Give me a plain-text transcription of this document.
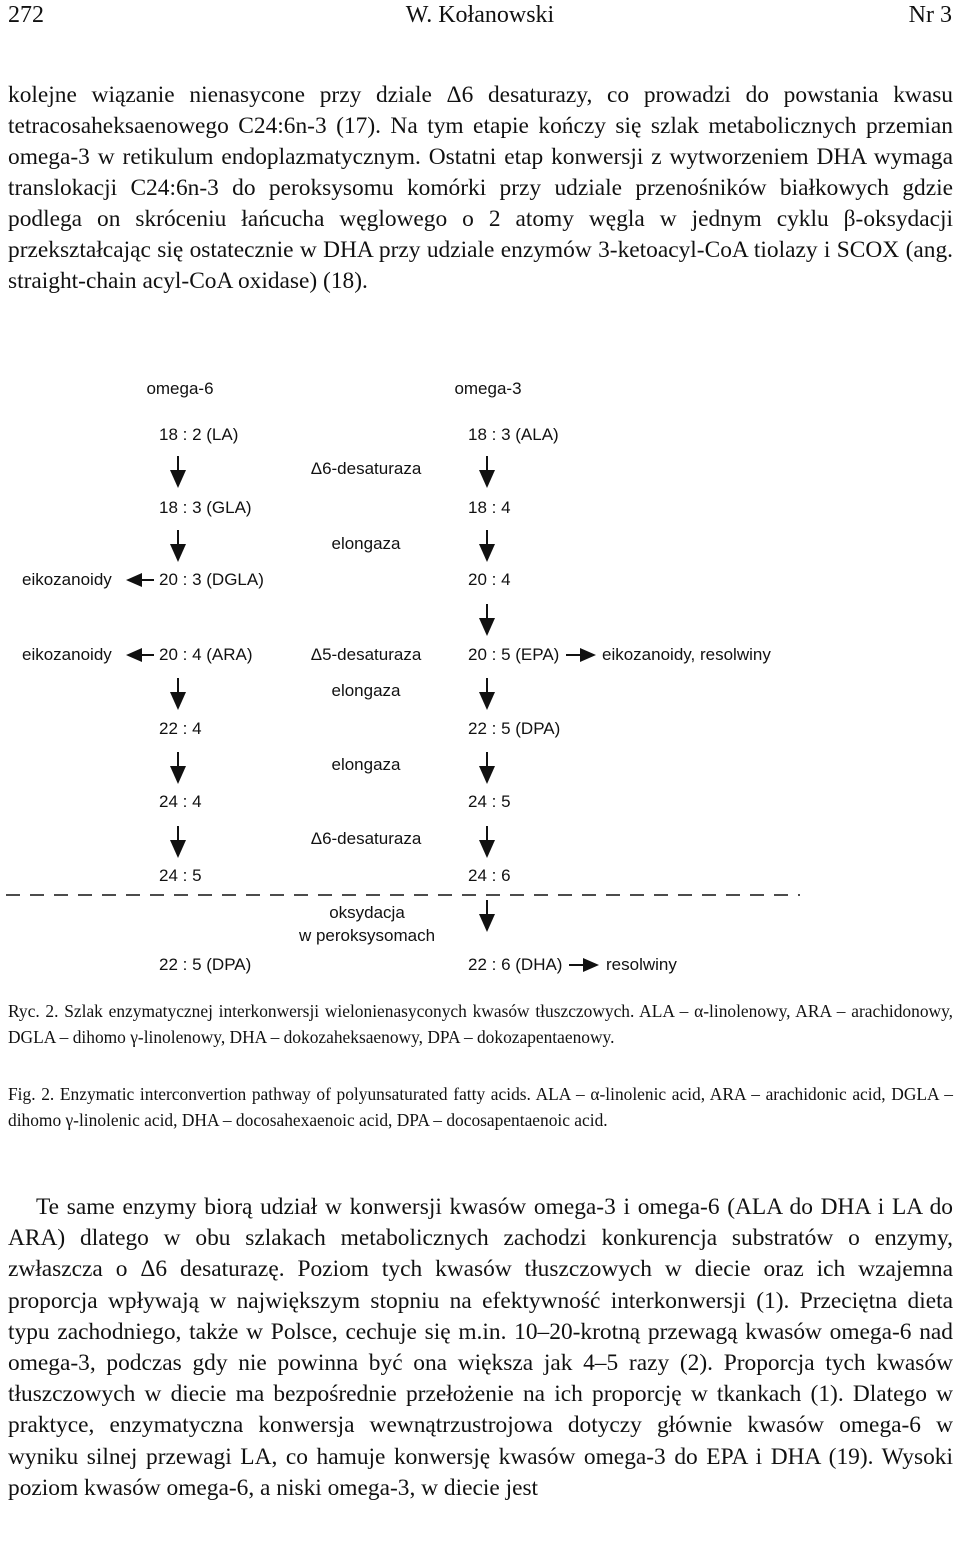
272	W. Kołanowski	Nr 3
kolejne wiązanie nienasycone przy dziale Δ6 desaturazy, co prowadzi do powstania kwasu tetracosaheksaenowego C24:6n-3 (17). Na tym etapie kończy się szlak metabolicznych przemian omega-3 w retikulum endoplazmatycznym. Ostatni etap konwersji z wytworzeniem DHA wymaga translokacji C24:6n-3 do peroksysomu komórki przy udziale przenośników białkowych gdzie podlega on skróceniu łańcucha węglowego o 2 atomy węgla w jednym cyklu β-oksydacji przekształcając się ostatecznie w DHA przy udziale enzymów 3-ketoacyl-CoA tiolazy i SCOX (ang. straight-chain acyl-CoA oxidase) (18).
omega-6	omega-3
18 : 2 (LA)
18 : 3 (GLA)
20 : 3 (DGLA)
20 : 4 (ARA)
22 : 4
24 : 4
24 : 5
22 : 5 (DPA)
18 : 3 (ALA)
18 : 4
20 : 4
20 : 5 (EPA)
22 : 5 (DPA)
24 : 5
24 : 6
22 : 6 (DHA)
Δ6-desaturaza
elongaza
Δ5-desaturaza
elongaza
elongaza
Δ6-desaturaza
oksydacja
w peroksysomach
eikozanoidy
eikozanoidy	eikozanoidy, resolwiny
resolwiny
Ryc. 2. Szlak enzymatycznej interkonwersji wielonienasyconych kwasów tłuszczowych. ALA – α-linolenowy, ARA – arachidonowy, DGLA – dihomo γ-linolenowy, DHA – dokozaheksaenowy, DPA – dokozapentaenowy.
Fig. 2. Enzymatic interconvertion pathway of polyunsaturated fatty acids. ALA – α-linolenic acid, ARA – arachidonic acid, DGLA – dihomo γ-linolenic acid, DHA – docosahexaenoic acid, DPA – docosapentaenoic acid.
Te same enzymy biorą udział w konwersji kwasów omega-3 i omega-6 (ALA do DHA i LA do ARA) dlatego w obu szlakach metabolicznych zachodzi konkurencja substratów o enzymy, zwłaszcza o Δ6 desaturazę. Poziom tych kwasów tłuszczowych w diecie oraz ich wzajemna proporcja wpływają w największym stopniu na efektywność interkonwersji (1). Przeciętna dieta typu zachodniego, także w Polsce, cechuje się m.in. 10–20-krotną przewagą kwasów omega-6 nad omega-3, podczas gdy nie powinna być ona większa jak 4–5 razy (2). Proporcja tych kwasów tłuszczowych w diecie ma bezpośrednie przełożenie na ich proporcję w tkankach (1). Dlatego w praktyce, enzymatyczna konwersja wewnątrzustrojowa dotyczy głównie kwasów omega-6 w wyniku silnej przewagi LA, co hamuje konwersję kwasów omega-3 do EPA i DHA (19). Wysoki poziom kwasów omega-6, a niski omega-3, w diecie jest
